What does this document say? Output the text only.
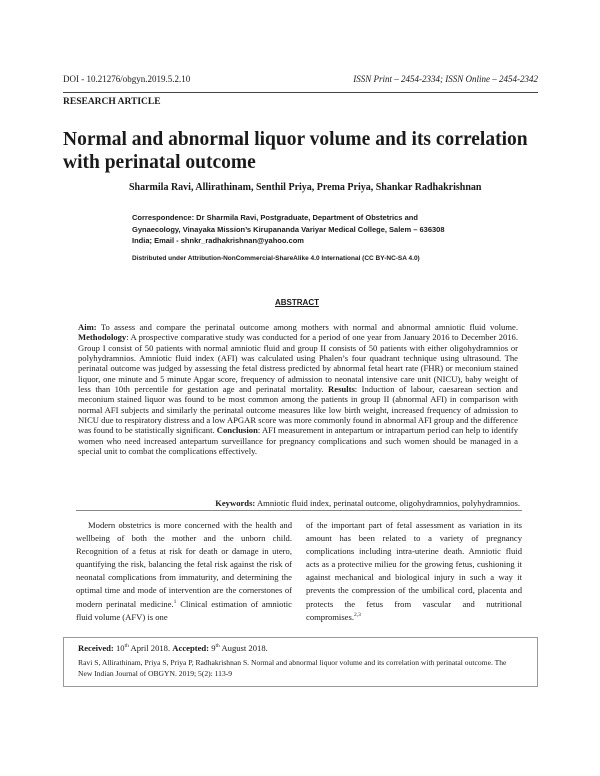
DOI - 10.21276/obgyn.2019.5.2.10	ISSN Print – 2454-2334; ISSN Online – 2454-2342
RESEARCH ARTICLE
Normal and abnormal liquor volume and its correlation with perinatal outcome
Sharmila Ravi, Allirathinam, Senthil Priya, Prema Priya, Shankar Radhakrishnan
Correspondence: Dr Sharmila Ravi, Postgraduate, Department of Obstetrics and
Gynaecology, Vinayaka Mission’s Kirupananda Variyar Medical College, Salem – 636308
India; Email - shnkr_radhakrishnan@yahoo.com
Distributed under Attribution-NonCommercial-ShareAlike 4.0 International (CC BY-NC-SA 4.0)
ABSTRACT
Aim: To assess and compare the perinatal outcome among mothers with normal and abnormal amniotic fluid volume. Methodology: A prospective comparative study was conducted for a period of one year from January 2016 to December 2016. Group I consist of 50 patients with normal amniotic fluid and group II consists of 50 patients with either oligohydramnios or polyhydramnios. Amniotic fluid index (AFI) was calculated using Phalen’s four quadrant technique using ultrasound. The perinatal outcome was judged by assessing the fetal distress predicted by abnormal fetal heart rate (FHR) or meconium stained liquor, one minute and 5 minute Apgar score, frequency of admission to neonatal intensive care unit (NICU), baby weight of less than 10th percentile for gestation age and perinatal mortality. Results: Induction of labour, caesarean section and meconium stained liquor was found to be most common among the patients in group II (abnormal AFI) in comparison with normal AFI subjects and similarly the perinatal outcome measures like low birth weight, increased frequency of admission to NICU due to respiratory distress and a low APGAR score was more commonly found in abnormal AFI group and the difference was found to be statistically significant. Conclusion: AFI measurement in antepartum or intrapartum period can help to identify women who need increased antepartum surveillance for pregnancy complications and such women should be managed in a special unit to combat the complications effectively.
Keywords: Amniotic fluid index, perinatal outcome, oligohydramnios, polyhydramnios.
Modern obstetrics is more concerned with the health and wellbeing of both the mother and the unborn child. Recognition of a fetus at risk for death or damage in utero, quantifying the risk, balancing the fetal risk against the risk of neonatal complications from immaturity, and determining the optimal time and mode of intervention are the cornerstones of modern perinatal medicine.$^1$ Clinical estimation of amniotic fluid volume (AFV) is one
of the important part of fetal assessment as variation in its amount has been related to a variety of pregnancy complications including intra-uterine death. Amniotic fluid acts as a protective milieu for the growing fetus, cushioning it against mechanical and biological injury in such a way it prevents the compression of the umbilical cord, placenta and protects the fetus from vascular and nutritional compromises.$^{2,3}$
Received: 10th April 2018. Accepted: 9th August 2018.
Ravi S, Allirathinam, Priya S, Priya P, Radhakrishnan S. Normal and abnormal liquor volume and its correlation with perinatal outcome. The New Indian Journal of OBGYN. 2019; 5(2): 113-9
